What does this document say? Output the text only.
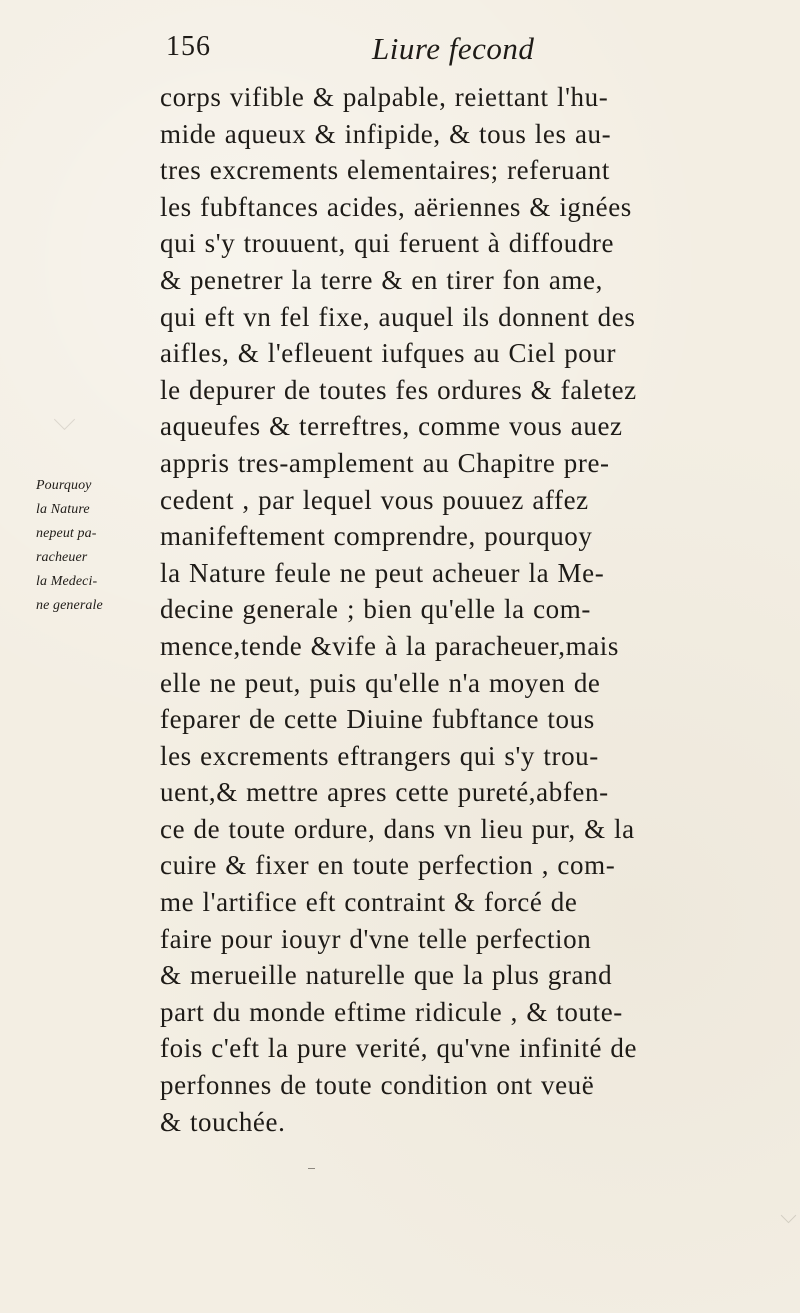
156	Liure fecond
Pourquoy
la Nature
nepeut pa-
racheuer
la Medeci-
ne generale
corps vifible & palpable, reiettant l'hu-
mide aqueux & infipide, & tous les au-
tres excrements elementaires; referuant
les fubftances acides, aëriennes & ignées
qui s'y trouuent, qui feruent à diffoudre
& penetrer la terre & en tirer fon ame,
qui eft vn fel fixe, auquel ils donnent des
aifles, & l'efleuent iufques au Ciel pour
le depurer de toutes fes ordures & faletez
aqueufes & terreftres, comme vous auez
appris tres-amplement au Chapitre pre-
cedent , par lequel vous pouuez affez
manifeftement comprendre, pourquoy
la Nature feule ne peut acheuer la Me-
decine generale ; bien qu'elle la com-
mence,tende &vife à la paracheuer,mais
elle ne peut, puis qu'elle n'a moyen de
feparer de cette Diuine fubftance tous
les excrements eftrangers qui s'y trou-
uent,& mettre apres cette pureté,abfen-
ce de toute ordure, dans vn lieu pur, & la
cuire & fixer en toute perfection , com-
me l'artifice eft contraint & forcé de
faire pour iouyr d'vne telle perfection
& merueille naturelle que la plus grand
part du monde eftime ridicule , & toute-
fois c'eft la pure verité, qu'vne infinité de
perfonnes de toute condition ont veuë
& touchée.
